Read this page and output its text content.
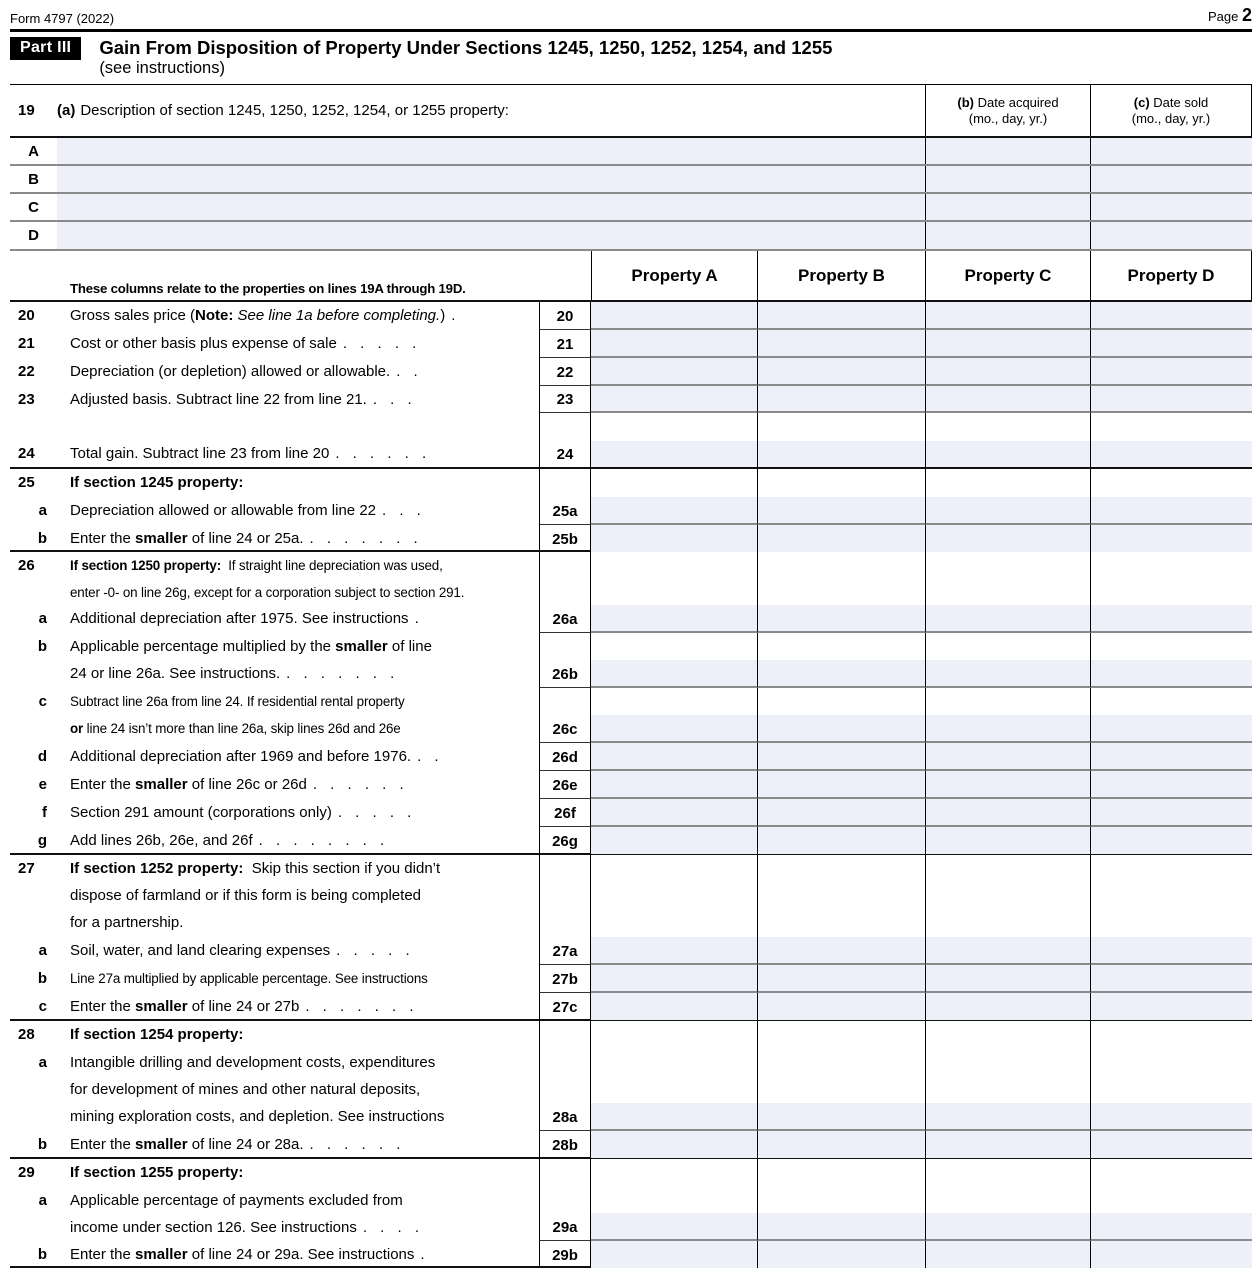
Form 4797 (2022)	Page 2
Part III	Gain From Disposition of Property Under Sections 1245, 1250, 1252, 1254, and 1255
(see instructions)
19	(a) Description of section 1245, 1250, 1252, 1254, or 1255 property:	(b) Date acquired
(mo., day, yr.)
(c) Date sold
(mo., day, yr.)
A
B
C
D
These columns relate to the properties on lines 19A through 19D.
Property A	Property B	Property C	Property D
20 Gross sales price ( Note:
See line 1a before completing. ) .	20
21 Cost or other basis plus expense of sale . . . . .	21
22 Depreciation (or depletion) allowed or allowable. . .	22
23 Adjusted basis. Subtract line 22 from line 21. . . .	23
24 Total gain. Subtract line 23 from line 20 . . . . . .	24
25 If section 1245 property:
a	Depreciation allowed or allowable from line 22 . . .	25a
b	Enter the smaller of line 24 or 25a. . . . . . . .	25b
26	If section 1250 property: If straight line depreciation was used,
enter -0- on line 26g, except for a corporation subject to section 291.
a	Additional depreciation after 1975. See instructions .	26a
b	Applicable percentage multiplied by the smaller of line
24 or line 26a. See instructions. . . . . . . .	26b
c	Subtract line 26a from line 24. If residential rental property
or line 24 isn’t more than line 26a, skip lines 26d and 26e	26c
d	Additional depreciation after 1969 and before 1976. . .	26d
e	Enter the smaller of line 26c or 26d . . . . . .	26e
f	Section 291 amount (corporations only) . . . . .	26f
g	Add lines 26b, 26e, and 26f . . . . . . . .	26g
27 If section 1252 property: Skip this section if you didn’t
dispose of farmland or if this form is being completed
for a partnership.
a	Soil, water, and land clearing expenses . . . . .	27a
b	Line 27a multiplied by applicable percentage. See instructions	27b
c	Enter the smaller of line 24 or 27b . . . . . . .	27c
28 If section 1254 property:
a	Intangible drilling and development costs, expenditures
for development of mines and other natural deposits,
mining exploration costs, and depletion. See instructions	28a
b	Enter the smaller of line 24 or 28a. . . . . . .	28b
29 If section 1255 property:
a	Applicable percentage of payments excluded from
income under section 126. See instructions . . . .	29a
b	Enter the smaller of line 24 or 29a. See instructions .	29b
